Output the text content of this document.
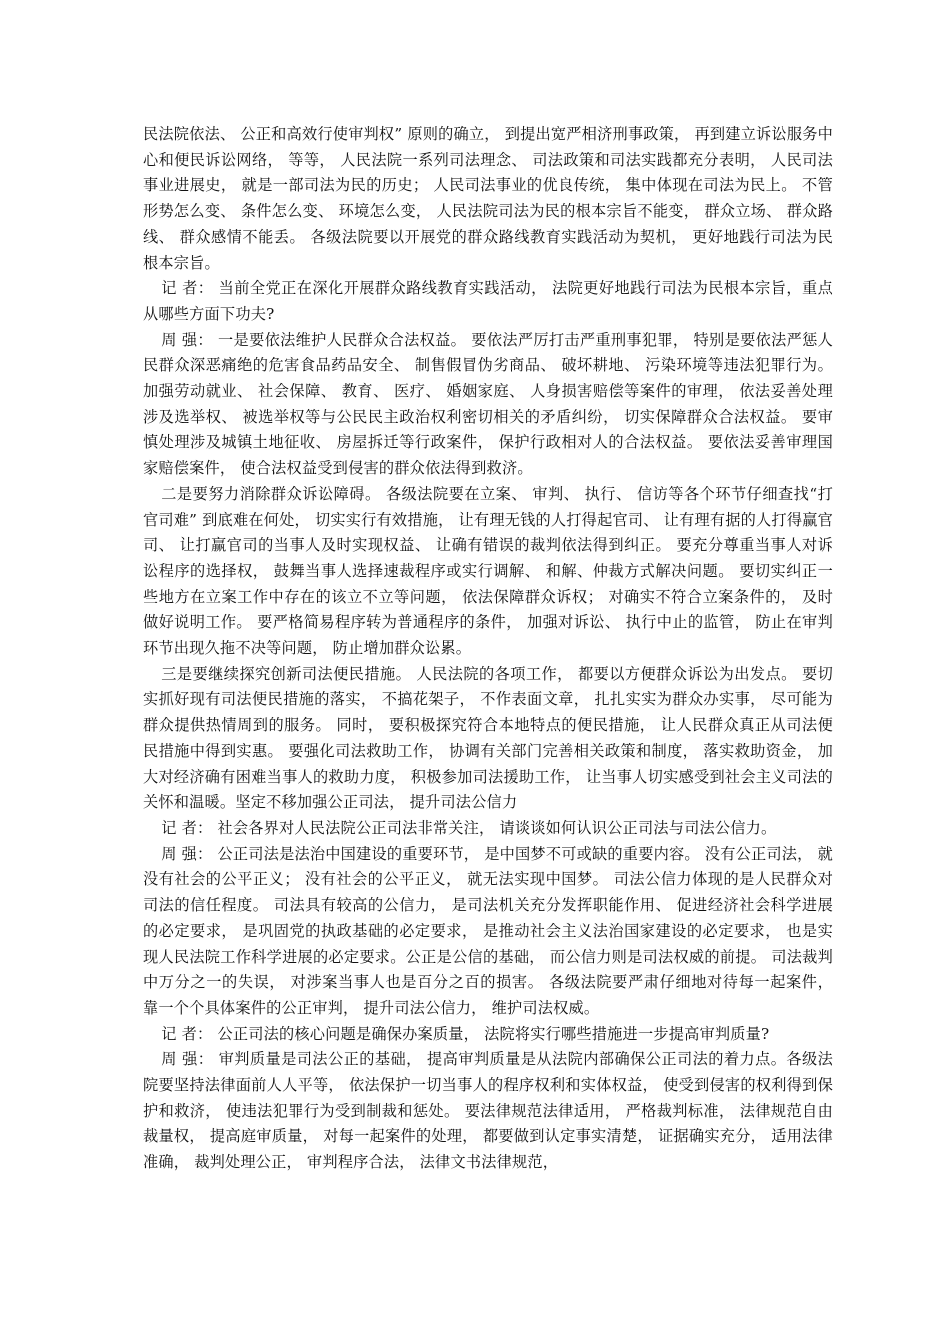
民法院依法、 公正和高效行使审判权” 原则的确立， 到提出宽严相济刑事政策， 再到建立诉讼服务中心和便民诉讼网络， 等等， 人民法院一系列司法理念、 司法政策和司法实践都充分表明， 人民司法事业进展史， 就是一部司法为民的历史； 人民司法事业的优良传统， 集中体现在司法为民上。 不管形势怎么变、 条件怎么变、 环境怎么变， 人民法院司法为民的根本宗旨不能变， 群众立场、 群众路线、 群众感情不能丢。 各级法院要以开展党的群众路线教育实践活动为契机， 更好地践行司法为民根本宗旨。

记 者： 当前全党正在深化开展群众路线教育实践活动， 法院更好地践行司法为民根本宗旨，重点从哪些方面下功夫?

周 强： 一是要依法维护人民群众合法权益。 要依法严厉打击严重刑事犯罪， 特别是要依法严惩人民群众深恶痛绝的危害食品药品安全、 制售假冒伪劣商品、 破坏耕地、 污染环境等违法犯罪行为。 加强劳动就业、 社会保障、 教育、 医疗、 婚姻家庭、 人身损害赔偿等案件的审理， 依法妥善处理涉及选举权、 被选举权等与公民民主政治权利密切相关的矛盾纠纷， 切实保障群众合法权益。 要审慎处理涉及城镇土地征收、 房屋拆迁等行政案件， 保护行政相对人的合法权益。 要依法妥善审理国家赔偿案件， 使合法权益受到侵害的群众依法得到救济。

二是要努力消除群众诉讼障碍。 各级法院要在立案、 审判、 执行、 信访等各个环节仔细查找“打官司难” 到底难在何处， 切实实行有效措施， 让有理无钱的人打得起官司、 让有理有据的人打得赢官司、 让打赢官司的当事人及时实现权益、 让确有错误的裁判依法得到纠正。 要充分尊重当事人对诉讼程序的选择权， 鼓舞当事人选择速裁程序或实行调解、 和解、仲裁方式解决问题。 要切实纠正一些地方在立案工作中存在的该立不立等问题， 依法保障群众诉权； 对确实不符合立案条件的， 及时做好说明工作。 要严格简易程序转为普通程序的条件， 加强对诉讼、 执行中止的监管， 防止在审判环节出现久拖不决等问题， 防止增加群众讼累。

三是要继续探究创新司法便民措施。 人民法院的各项工作， 都要以方便群众诉讼为出发点。 要切实抓好现有司法便民措施的落实， 不搞花架子， 不作表面文章， 扎扎实实为群众办实事， 尽可能为群众提供热情周到的服务。 同时， 要积极探究符合本地特点的便民措施， 让人民群众真正从司法便民措施中得到实惠。 要强化司法救助工作， 协调有关部门完善相关政策和制度， 落实救助资金， 加大对经济确有困难当事人的救助力度， 积极参加司法援助工作， 让当事人切实感受到社会主义司法的关怀和温暖。坚定不移加强公正司法， 提升司法公信力

记 者： 社会各界对人民法院公正司法非常关注， 请谈谈如何认识公正司法与司法公信力。

周 强： 公正司法是法治中国建设的重要环节， 是中国梦不可或缺的重要内容。 没有公正司法， 就没有社会的公平正义； 没有社会的公平正义， 就无法实现中国梦。 司法公信力体现的是人民群众对司法的信任程度。 司法具有较高的公信力， 是司法机关充分发挥职能作用、 促进经济社会科学进展的必定要求， 是巩固党的执政基础的必定要求， 是推动社会主义法治国家建设的必定要求， 也是实现人民法院工作科学进展的必定要求。公正是公信的基础， 而公信力则是司法权威的前提。 司法裁判中万分之一的失误， 对涉案当事人也是百分之百的损害。 各级法院要严肃仔细地对待每一起案件， 靠一个个具体案件的公正审判， 提升司法公信力， 维护司法权威。

记 者： 公正司法的核心问题是确保办案质量， 法院将实行哪些措施进一步提高审判质量?

周 强： 审判质量是司法公正的基础， 提高审判质量是从法院内部确保公正司法的着力点。各级法院要坚持法律面前人人平等， 依法保护一切当事人的程序权利和实体权益， 使受到侵害的权利得到保护和救济， 使违法犯罪行为受到制裁和惩处。 要法律规范法律适用， 严格裁判标准， 法律规范自由裁量权， 提高庭审质量， 对每一起案件的处理， 都要做到认定事实清楚， 证据确实充分， 适用法律准确， 裁判处理公正， 审判程序合法， 法律文书法律规范，
